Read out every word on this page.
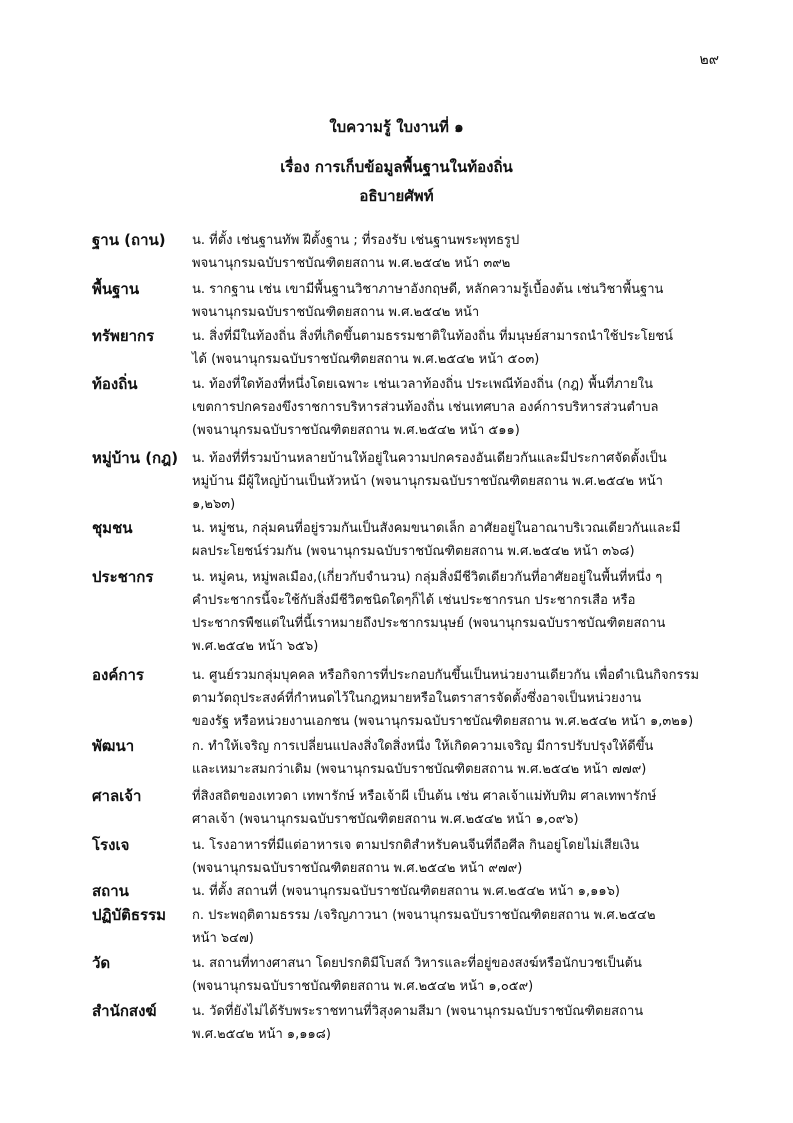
๒๙
ใบความรู้ ใบงานที่ ๑
เรื่อง การเก็บข้อมูลพื้นฐานในท้องถิ่น
อธิบายศัพท์
ฐาน (ถาน)	น. ที่ตั้ง เช่นฐานทัพ ฝีตั้งฐาน ; ที่รองรับ เช่นฐานพระพุทธรูป
พจนานุกรมฉบับราชบัณฑิตยสถาน พ.ศ.๒๕๔๒ หน้า ๓๙๒
พื้นฐาน	น. รากฐาน เช่น เขามีพื้นฐานวิชาภาษาอังกฤษดี, หลักความรู้เบื้องต้น เช่นวิชาพื้นฐาน
พจนานุกรมฉบับราชบัณฑิตยสถาน พ.ศ.๒๕๔๒ หน้า
ทรัพยากร	น. สิ่งที่มีในท้องถิ่น สิ่งที่เกิดขึ้นตามธรรมชาติในท้องถิ่น ที่มนุษย์สามารถนำใช้ประโยชน์
ได้ (พจนานุกรมฉบับราชบัณฑิตยสถาน พ.ศ.๒๕๔๒ หน้า ๕๐๓)
ท้องถิ่น	น. ท้องที่ใดท้องที่หนึ่งโดยเฉพาะ เช่นเวลาท้องถิ่น ประเพณีท้องถิ่น (กฎ) พื้นที่ภายใน
เขตการปกครองขึงราชการบริหารส่วนท้องถิ่น เช่นเทศบาล องค์การบริหารส่วนตำบล
(พจนานุกรมฉบับราชบัณฑิตยสถาน พ.ศ.๒๕๔๒ หน้า ๕๑๑)
หมู่บ้าน (กฎ)	น. ท้องที่ที่รวมบ้านหลายบ้านให้อยู่ในความปกครองอันเดียวกันและมีประกาศจัดตั้งเป็น
หมู่บ้าน มีผู้ใหญ่บ้านเป็นหัวหน้า (พจนานุกรมฉบับราชบัณฑิตยสถาน พ.ศ.๒๕๔๒ หน้า
๑,๒๖๓)
ชุมชน	น. หมู่ชน, กลุ่มคนที่อยู่รวมกันเป็นสังคมขนาดเล็ก อาศัยอยู่ในอาณาบริเวณเดียวกันและมี
ผลประโยชน์ร่วมกัน (พจนานุกรมฉบับราชบัณฑิตยสถาน พ.ศ.๒๕๔๒ หน้า ๓๖๘)
ประชากร	น. หมู่คน, หมู่พลเมือง,(เกี่ยวกับจำนวน) กลุ่มสิ่งมีชีวิตเดียวกันที่อาศัยอยู่ในพื้นที่หนึ่ง ๆ
คำประชากรนี้จะใช้กับสิ่งมีชีวิตชนิดใดๆก็ได้ เช่นประชากรนก ประชากรเสือ หรือ
ประชากรพืชแต่ในที่นี้เราหมายถึงประชากรมนุษย์ (พจนานุกรมฉบับราชบัณฑิตยสถาน
พ.ศ.๒๕๔๒ หน้า ๖๕๖)
องค์การ	น. ศูนย์รวมกลุ่มบุคคล หรือกิจการที่ประกอบกันขึ้นเป็นหน่วยงานเดียวกัน เพื่อดำเนินกิจกรรม
ตามวัตถุประสงค์ที่กำหนดไว้ในกฎหมายหรือในตราสารจัดตั้งซึ่งอาจเป็นหน่วยงาน
ของรัฐ หรือหน่วยงานเอกชน (พจนานุกรมฉบับราชบัณฑิตยสถาน พ.ศ.๒๕๔๒ หน้า ๑,๓๒๑)
พัฒนา	ก. ทำให้เจริญ การเปลี่ยนแปลงสิ่งใดสิ่งหนึ่ง ให้เกิดความเจริญ มีการปรับปรุงให้ดีขึ้น
และเหมาะสมกว่าเดิม (พจนานุกรมฉบับราชบัณฑิตยสถาน พ.ศ.๒๕๔๒ หน้า ๗๗๙)
ศาลเจ้า	ที่สิงสถิตของเทวดา เทพารักษ์ หรือเจ้าผี เป็นต้น เช่น ศาลเจ้าแม่ทับทิม ศาลเทพารักษ์
ศาลเจ้า (พจนานุกรมฉบับราชบัณฑิตยสถาน พ.ศ.๒๕๔๒ หน้า ๑,๐๙๖)
โรงเจ	น. โรงอาหารที่มีแต่อาหารเจ ตามปรกติสำหรับคนจีนที่ถือศีล กินอยู่โดยไม่เสียเงิน
(พจนานุกรมฉบับราชบัณฑิตยสถาน พ.ศ.๒๕๔๒ หน้า ๙๗๙)
สถาน	น. ที่ตั้ง สถานที่ (พจนานุกรมฉบับราชบัณฑิตยสถาน พ.ศ.๒๕๔๒ หน้า ๑,๑๑๖)
ปฏิบัติธรรม	ก. ประพฤติตามธรรม /เจริญภาวนา (พจนานุกรมฉบับราชบัณฑิตยสถาน พ.ศ.๒๕๔๒
หน้า ๖๔๗)
วัด	น. สถานที่ทางศาสนา โดยปรกติมีโบสถ์ วิหารและที่อยู่ของสงฆ์หรือนักบวชเป็นต้น
(พจนานุกรมฉบับราชบัณฑิตยสถาน พ.ศ.๒๕๔๒ หน้า ๑,๐๕๙)
สำนักสงฆ์	น. วัดที่ยังไม่ได้รับพระราชทานที่วิสุงคามสีมา (พจนานุกรมฉบับราชบัณฑิตยสถาน
พ.ศ.๒๕๔๒ หน้า ๑,๑๑๘)
